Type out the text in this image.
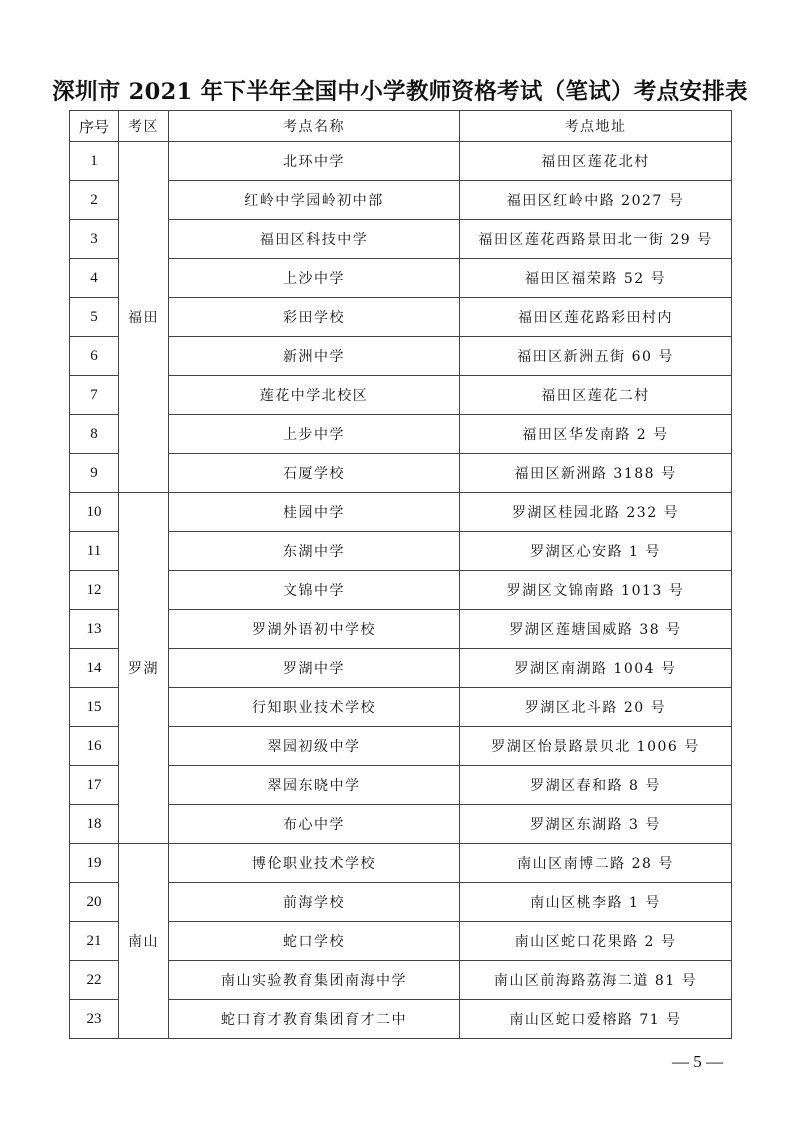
深圳市 2021 年下半年全国中小学教师资格考试（笔试）考点安排表
序号	考区	考点名称	考点地址
1	福田	北环中学	福田区莲花北村
2		红岭中学园岭初中部	福田区红岭中路 2027 号
3		福田区科技中学	福田区莲花西路景田北一街 29 号
4		上沙中学	福田区福荣路 52 号
5		彩田学校	福田区莲花路彩田村内
6		新洲中学	福田区新洲五街 60 号
7		莲花中学北校区	福田区莲花二村
8		上步中学	福田区华发南路 2 号
9		石厦学校	福田区新洲路 3188 号
10	罗湖	桂园中学	罗湖区桂园北路 232 号
11		东湖中学	罗湖区心安路 1 号
12		文锦中学	罗湖区文锦南路 1013 号
13		罗湖外语初中学校	罗湖区莲塘国威路 38 号
14		罗湖中学	罗湖区南湖路 1004 号
15		行知职业技术学校	罗湖区北斗路 20 号
16		翠园初级中学	罗湖区怡景路景贝北 1006 号
17		翠园东晓中学	罗湖区春和路 8 号
18		布心中学	罗湖区东湖路 3 号
19	南山	博伦职业技术学校	南山区南博二路 28 号
20		前海学校	南山区桃李路 1 号
21		蛇口学校	南山区蛇口花果路 2 号
22		南山实验教育集团南海中学	南山区前海路荔海二道 81 号
23		蛇口育才教育集团育才二中	南山区蛇口爱榕路 71 号
— 5 —
